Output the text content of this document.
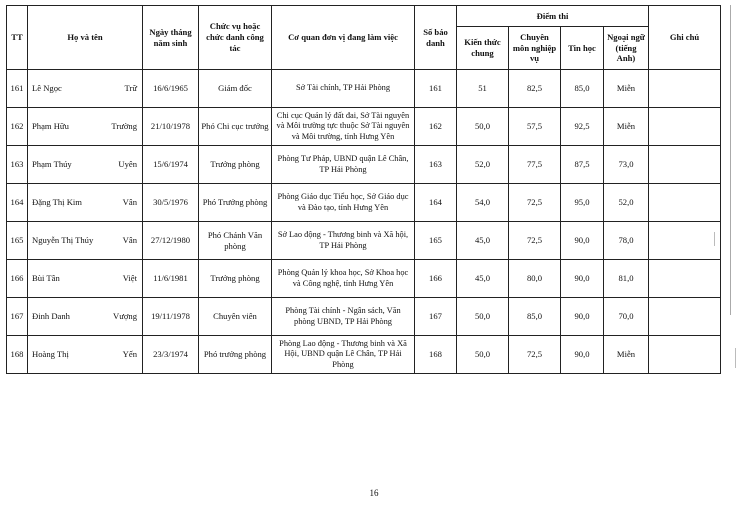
TT	Họ và tên	Ngày tháng năm sinh	Chức vụ hoặc chức danh công tác	Cơ quan đơn vị đang làm việc	Số báo danh	Điểm thi				Ghi chú
						Kiến thức chung	Chuyên môn nghiệp vụ	Tin học	Ngoại ngữ (tiếng Anh)	
161	Lê Ngọc Trữ	16/6/1965	Giám đốc	Sở Tài chính, TP Hải Phòng	161	51	82,5	85,0	Miễn	
162	Phạm Hữu Trường	21/10/1978	Phó Chi cục trưởng	Chi cục Quản lý đất đai, Sở Tài nguyên và Môi trường tực thuộc Sở Tài nguyên và Môi trường, tỉnh Hưng Yên	162	50,0	57,5	92,5	Miễn	
163	Phạm Thúy Uyên	15/6/1974	Trưởng phòng	Phòng Tư Pháp, UBND quận Lê Chân, TP Hải Phòng	163	52,0	77,5	87,5	73,0	
164	Đặng Thị Kim Vân	30/5/1976	Phó Trưởng phòng	Phòng Giáo dục Tiểu học, Sở Giáo dục và Đào tạo, tỉnh Hưng Yên	164	54,0	72,5	95,0	52,0	
165	Nguyễn Thị Thúy Vân	27/12/1980	Phó Chánh Văn phòng	Sở Lao động - Thương binh và Xã hội, TP Hải Phòng	165	45,0	72,5	90,0	78,0	
166	Bùi Tân Việt	11/6/1981	Trưởng phòng	Phòng Quản lý khoa học, Sở Khoa học và Công nghệ, tỉnh Hưng Yên	166	45,0	80,0	90,0	81,0	
167	Đinh Danh Vượng	19/11/1978	Chuyên viên	Phòng Tài chính - Ngân sách, Văn phòng UBND, TP Hải Phòng	167	50,0	85,0	90,0	70,0	
168	Hoàng Thị Yến	23/3/1974	Phó trưởng phòng	Phòng Lao động - Thương binh và Xã Hội, UBND quận Lê Chân, TP Hải Phòng	168	50,0	72,5	90,0	Miễn	
16
